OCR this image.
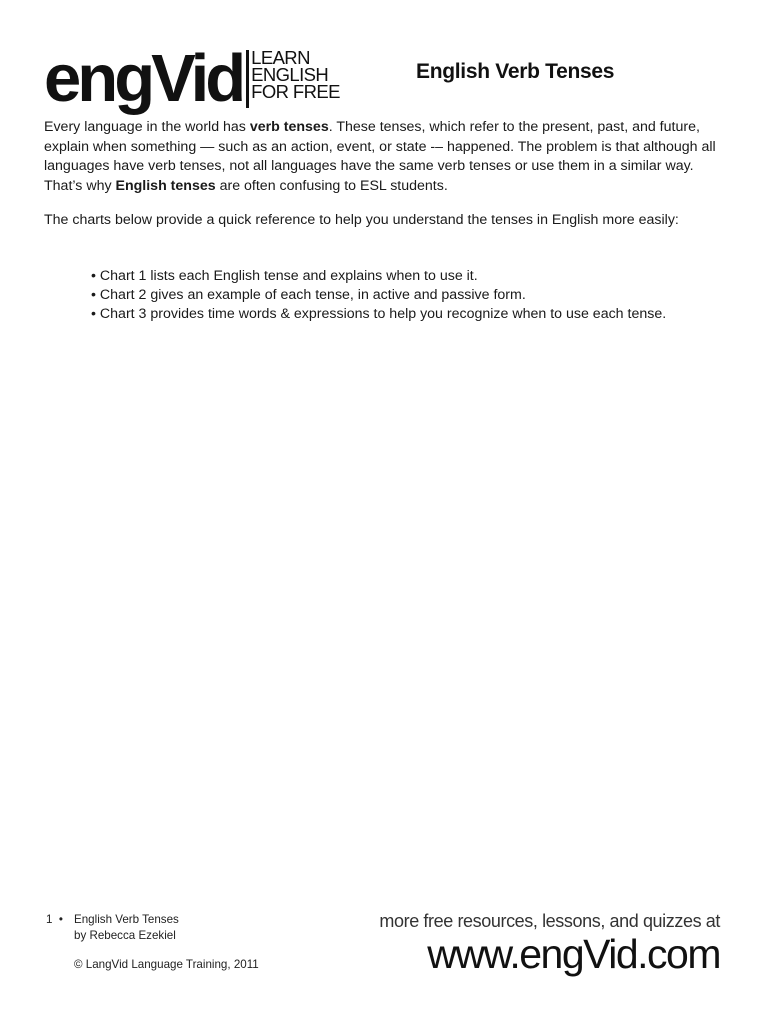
engVid LEARN
ENGLISH
FOR FREE
English Verb Tenses

Every language in the world has verb tenses. These tenses, which refer to the present, past, and future, explain when something — such as an action, event, or state -– happened. The problem is that although all languages have verb tenses, not all languages have the same verb tenses or use them in a similar way. That’s why English tenses are often confusing to ESL students.

The charts below provide a quick reference to help you understand the tenses in English more easily:

• Chart 1 lists each English tense and explains when to use it.
• Chart 2 gives an example of each tense, in active and passive form.
• Chart 3 provides time words & expressions to help you recognize when to use each tense.
1 • English Verb Tenses
by Rebecca Ezekiel
© LangVid Language Training, 2011
more free resources, lessons, and quizzes at
www.engVid.com
